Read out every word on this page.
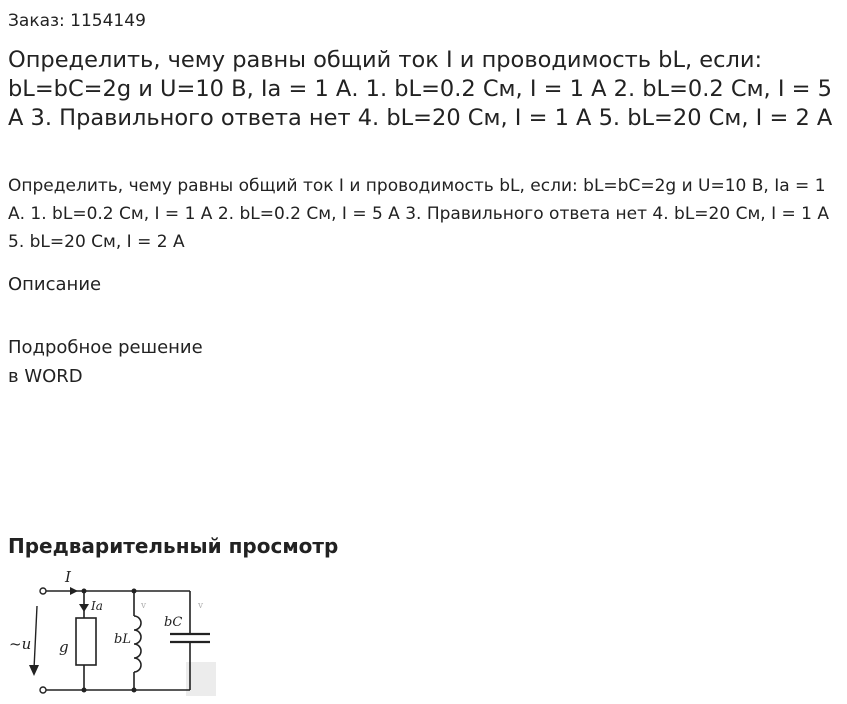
Заказ: 1154149
Определить, чему равны общий ток I и проводимость bL, если: bL=bC=2g и U=10 В, Ia = 1 А. 1. bL=0.2 См, I = 1 А 2. bL=0.2 См, I = 5 А 3. Правильного ответа нет 4. bL=20 См, I = 1 А 5. bL=20 См, I = 2 А

Определить, чему равны общий ток I и проводимость bL, если: bL=bC=2g и U=10 В, Ia = 1 А. 1. bL=0.2 См, I = 1 А 2. bL=0.2 См, I = 5 А 3. Правильного ответа нет 4. bL=20 См, I = 1 А 5. bL=20 См, I = 2 А

Описание
Подробное решение
в WORD
Предварительный просмотр
v	v
I
Ia
~u g	bL
bC
